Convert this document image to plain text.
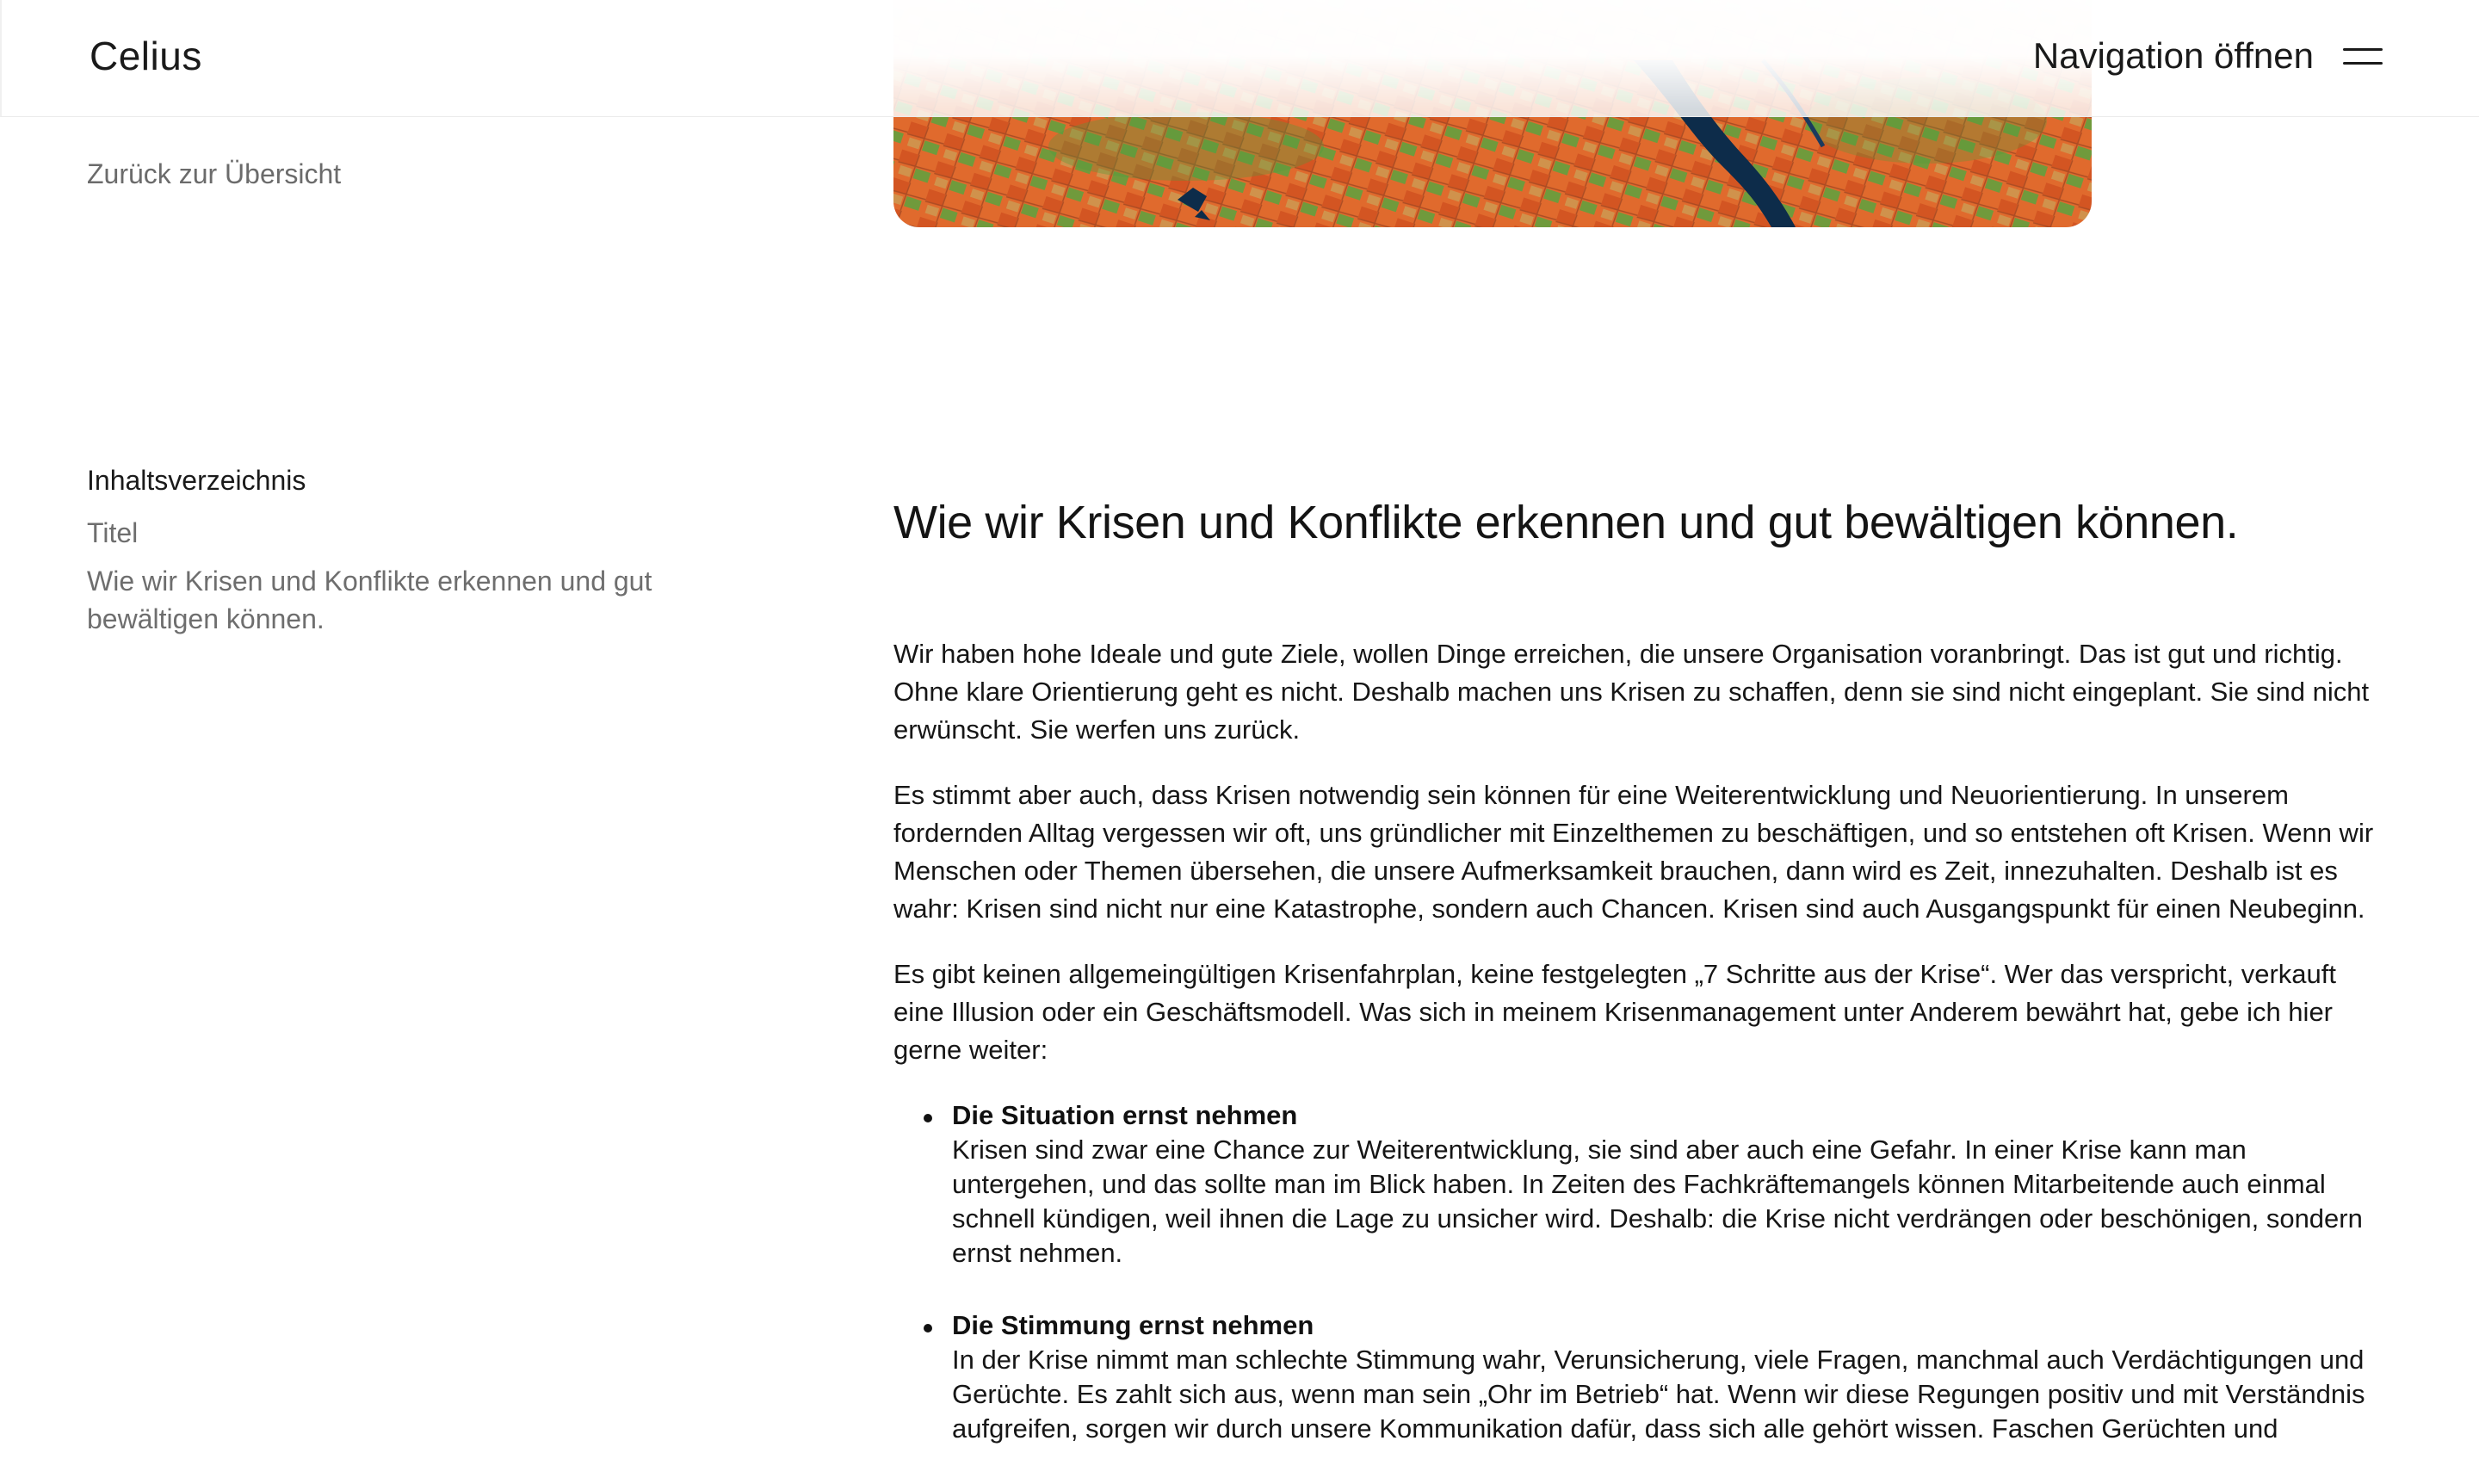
Celius	Navigation öffnen
Zurück zur Übersicht
Inhaltsverzeichnis
Titel
Wie wir Krisen und Konflikte erkennen und gut bewältigen können.
Wie wir Krisen und Konflikte erkennen und gut bewältigen können.

Wir haben hohe Ideale und gute Ziele, wollen Dinge erreichen, die unsere Organisation voranbringt. Das ist gut und richtig. Ohne klare Orientierung geht es nicht. Deshalb machen uns Krisen zu schaffen, denn sie sind nicht eingeplant. Sie sind nicht erwünscht. Sie werfen uns zurück.

Es stimmt aber auch, dass Krisen notwendig sein können für eine Weiterentwicklung und Neuorientierung. In unserem fordernden Alltag vergessen wir oft, uns gründlicher mit Einzelthemen zu beschäftigen, und so entstehen oft Krisen. Wenn wir Menschen oder Themen übersehen, die unsere Aufmerksamkeit brauchen, dann wird es Zeit, innezuhalten. Deshalb ist es wahr: Krisen sind nicht nur eine Katastrophe, sondern auch Chancen. Krisen sind auch Ausgangspunkt für einen Neubeginn.

Es gibt keinen allgemeingültigen Krisenfahrplan, keine festgelegten „7 Schritte aus der Krise“. Wer das verspricht, verkauft eine Illusion oder ein Geschäftsmodell. Was sich in meinem Krisenmanagement unter Anderem bewährt hat, gebe ich hier gerne weiter:

Die Situation ernst nehmen
Krisen sind zwar eine Chance zur Weiterentwicklung, sie sind aber auch eine Gefahr. In einer Krise kann man untergehen, und das sollte man im Blick haben. In Zeiten des Fachkräftemangels können Mitarbeitende auch einmal schnell kündigen, weil ihnen die Lage zu unsicher wird. Deshalb: die Krise nicht verdrängen oder beschönigen, sondern ernst nehmen.
Die Stimmung ernst nehmen
In der Krise nimmt man schlechte Stimmung wahr, Verunsicherung, viele Fragen, manchmal auch Verdächtigungen und Gerüchte. Es zahlt sich aus, wenn man sein „Ohr im Betrieb“ hat. Wenn wir diese Regungen positiv und mit Verständnis aufgreifen, sorgen wir durch unsere Kommunikation dafür, dass sich alle gehört wissen. Faschen Gerüchten und
